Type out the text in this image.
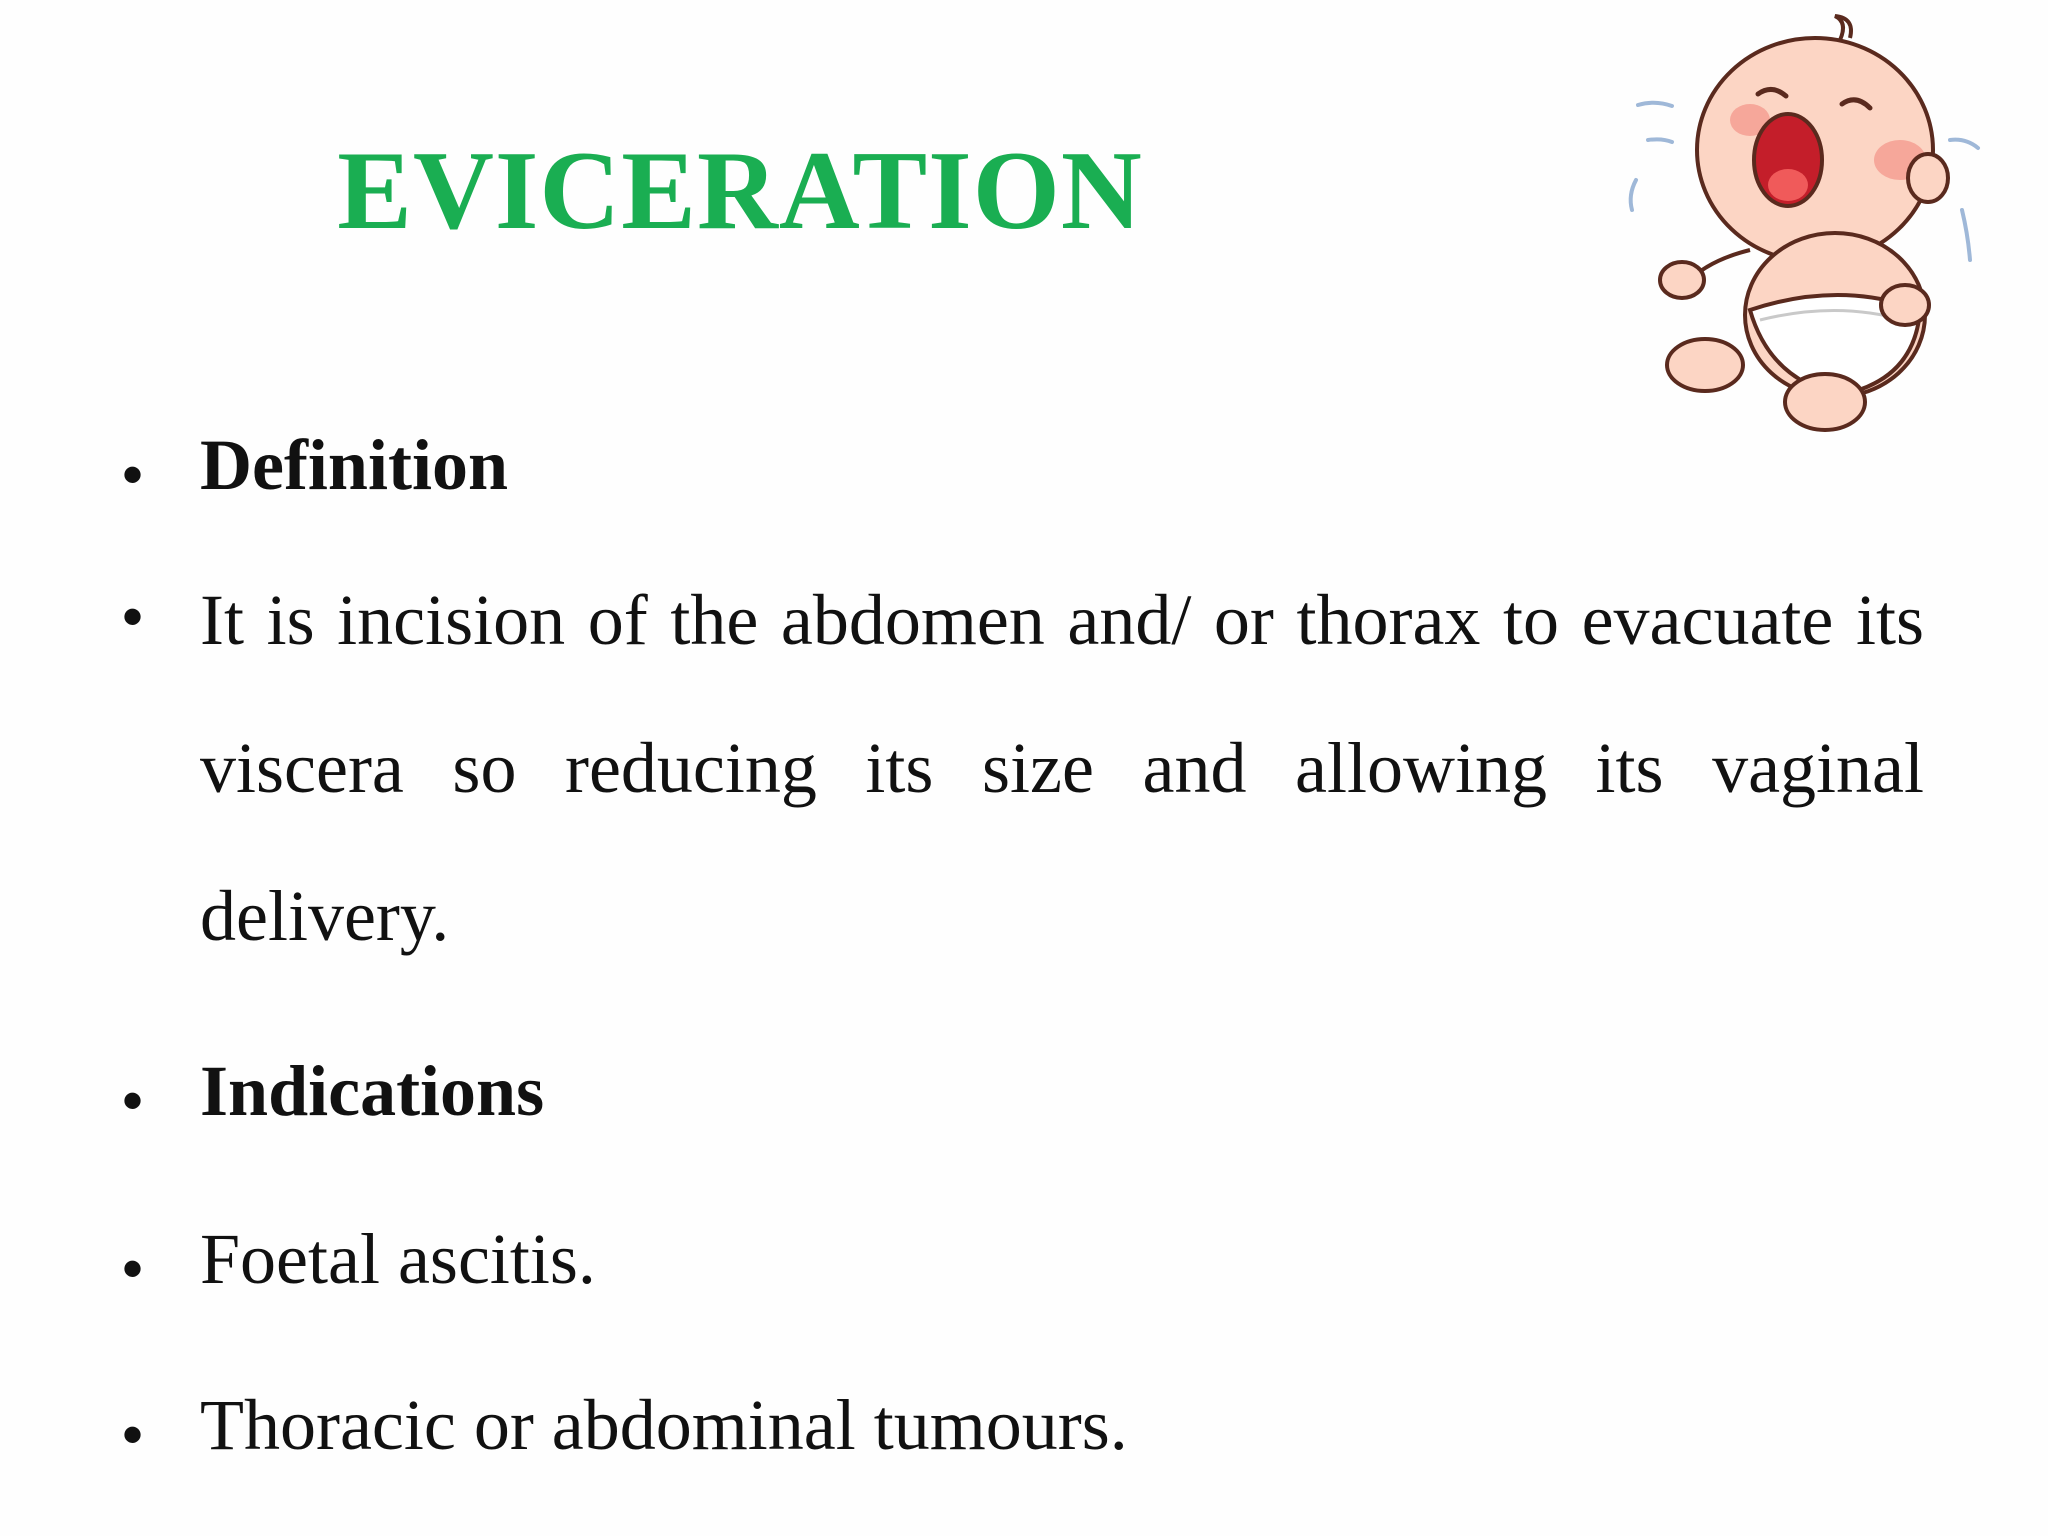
EVICERATION
• Definition
• It is incision of the abdomen and/ or thorax to evacuate its viscera so reducing its size and allowing its vaginal delivery.
• Indications
• Foetal ascitis.
• Thoracic or abdominal tumours.
